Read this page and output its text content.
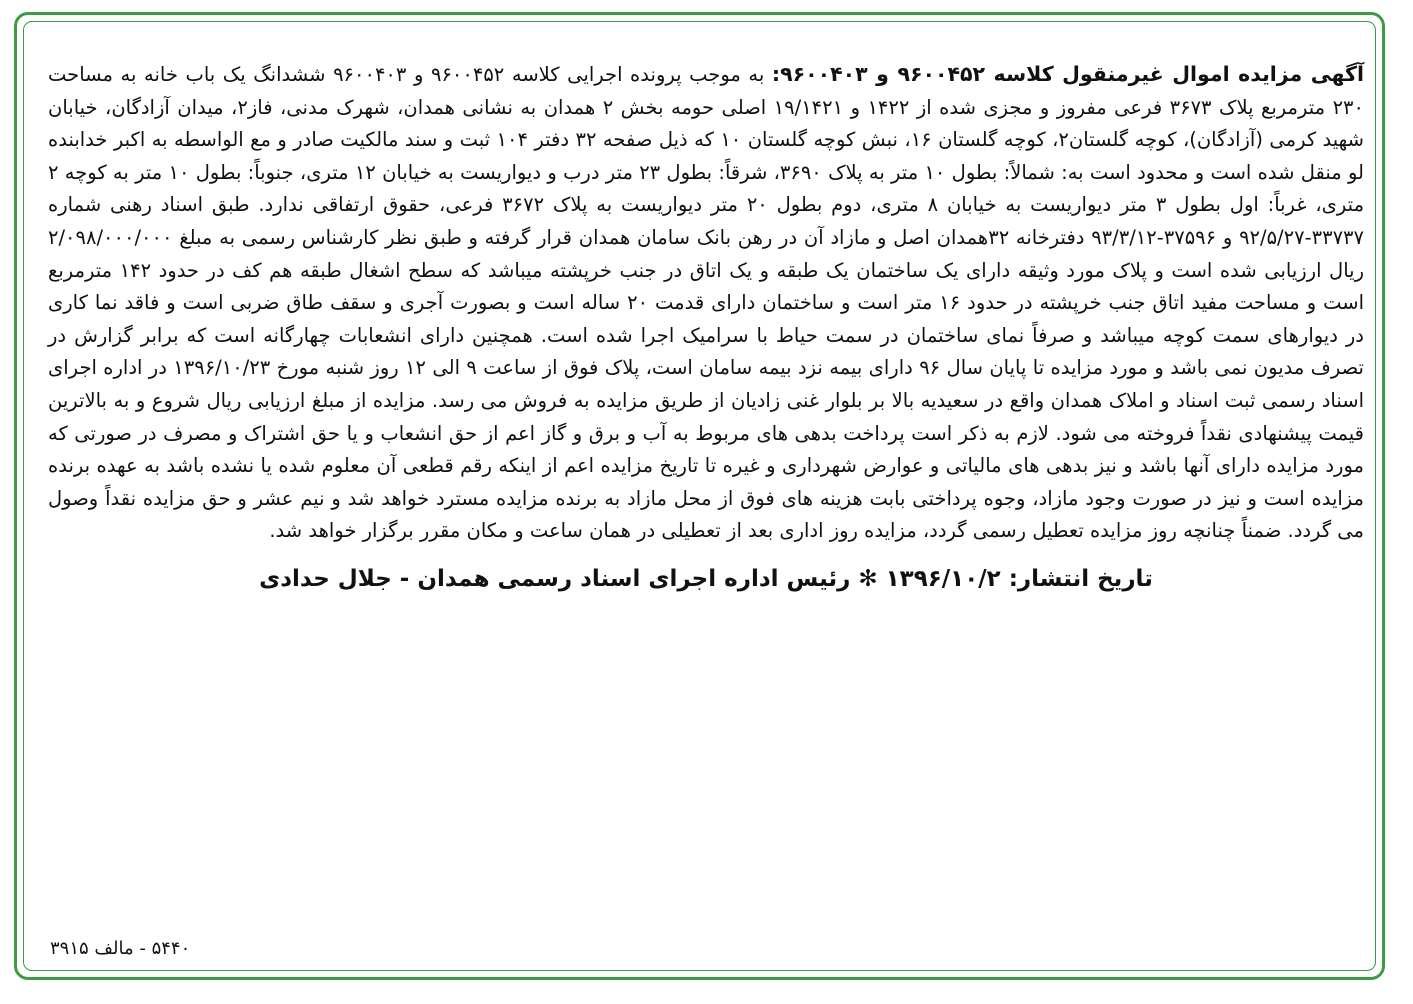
آگهی مزایده اموال غیرمنقول کلاسه ۹۶۰۰۴۵۲ و ۹۶۰۰۴۰۳: به موجب پرونده اجرایی کلاسه ۹۶۰۰۴۵۲ و ۹۶۰۰۴۰۳ ششدانگ یک باب خانه به مساحت ۲۳۰ مترمربع پلاک ۳۶۷۳ فرعی مفروز و مجزی شده از ۱۴۲۲ و ۱۹/۱۴۲۱ اصلی حومه بخش ۲ همدان به نشانی همدان، شهرک مدنی، فاز۲، میدان آزادگان، خیابان شهید کرمی (آزادگان)، کوچه گلستان۲، کوچه گلستان ۱۶، نبش کوچه گلستان ۱۰ که ذیل صفحه ۳۲ دفتر ۱۰۴ ثبت و سند مالکیت صادر و مع الواسطه به اکبر خدابنده لو منقل شده است و محدود است به: شمالاً: بطول ۱۰ متر به پلاک ۳۶۹۰، شرقاً: بطول ۲۳ متر درب و دیواریست به خیابان ۱۲ متری، جنوباً: بطول ۱۰ متر به کوچه ۲ متری، غرباً: اول بطول ۳ متر دیواریست به خیابان ۸ متری، دوم بطول ۲۰ متر دیواریست به پلاک ۳۶۷۲ فرعی، حقوق ارتفاقی ندارد. طبق اسناد رهنی شماره ۳۳۷۳۷-۹۲/۵/۲۷ و ۳۷۵۹۶-۹۳/۳/۱۲ دفترخانه ۳۲همدان اصل و مازاد آن در رهن بانک سامان همدان قرار گرفته و طبق نظر کارشناس رسمی به مبلغ ۲/۰۹۸/۰۰۰/۰۰۰ ریال ارزیابی شده است و پلاک مورد وثیقه دارای یک ساختمان یک طبقه و یک اتاق در جنب خرپشته میباشد که سطح اشغال طبقه هم کف در حدود ۱۴۲ مترمربع است و مساحت مفید اتاق جنب خرپشته در حدود ۱۶ متر است و ساختمان دارای قدمت ۲۰ ساله است و بصورت آجری و سقف طاق ضربی است و فاقد نما کاری در دیوارهای سمت کوچه میباشد و صرفاً نمای ساختمان در سمت حیاط با سرامیک اجرا شده است. همچنین دارای انشعابات چهارگانه است که برابر گزارش در تصرف مدیون نمی باشد و مورد مزایده تا پایان سال ۹۶ دارای بیمه نزد بیمه سامان است، پلاک فوق از ساعت ۹ الی ۱۲ روز شنبه مورخ ۱۳۹۶/۱۰/۲۳ در اداره اجرای اسناد رسمی ثبت اسناد و املاک همدان واقع در سعیدیه بالا بر بلوار غنی زادیان از طریق مزایده به فروش می رسد. مزایده از مبلغ ارزیابی ریال شروع و به بالاترین قیمت پیشنهادی نقداً فروخته می شود. لازم به ذکر است پرداخت بدهی های مربوط به آب و برق و گاز اعم از حق انشعاب و یا حق اشتراک و مصرف در صورتی که مورد مزایده دارای آنها باشد و نیز بدهی های مالیاتی و عوارض شهرداری و غیره تا تاریخ مزایده اعم از اینکه رقم قطعی آن معلوم شده یا نشده باشد به عهده برنده مزایده است و نیز در صورت وجود مازاد، وجوه پرداختی بابت هزینه های فوق از محل مازاد به برنده مزایده مسترد خواهد شد و نیم عشر و حق مزایده نقداً وصول می گردد. ضمناً چنانچه روز مزایده تعطیل رسمی گردد، مزایده روز اداری بعد از تعطیلی در همان ساعت و مکان مقرر برگزار خواهد شد.

تاریخ انتشار: ۱۳۹۶/۱۰/۲ ✻ رئیس اداره اجرای اسناد رسمی همدان - جلال حدادی
۵۴۴۰ - مالف ۳۹۱۵
